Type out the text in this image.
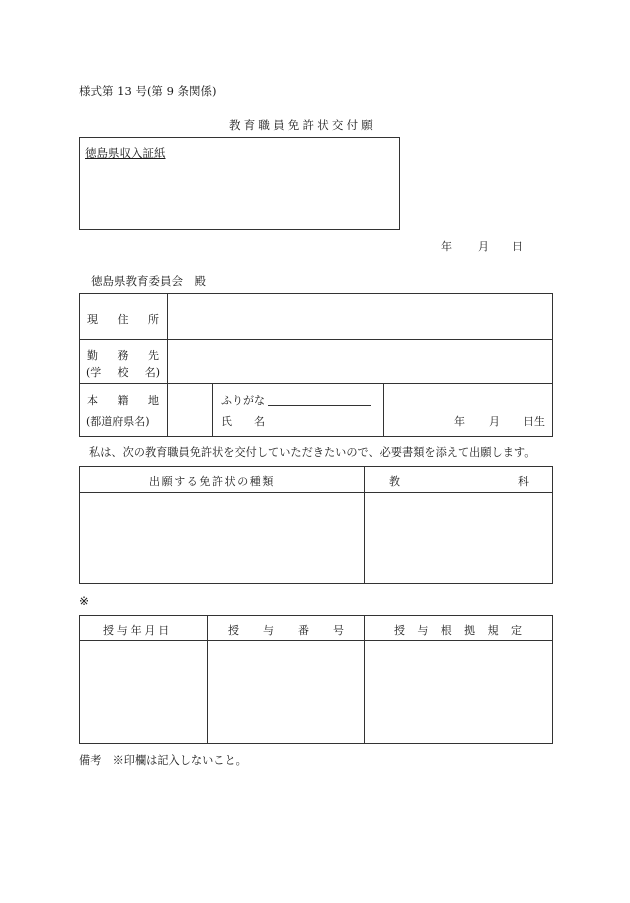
様式第 13 号(第 9 条関係)
教育職員免許状交付願
徳島県収入証紙
年 月 日
徳島県教育委員会　殿
現 住 所
勤 務 先
(学 校 名)
本 籍 地
(都道府県名)
ふりがな
氏 名	年 月 日生
私は、次の教育職員免許状を交付していただきたいので、必要書類を添えて出願します。
出願する免許状の種類	教	科
※
授与年月日	授 与 番 号	授 与 根 拠 規 定
備考　※印欄は記入しないこと。
